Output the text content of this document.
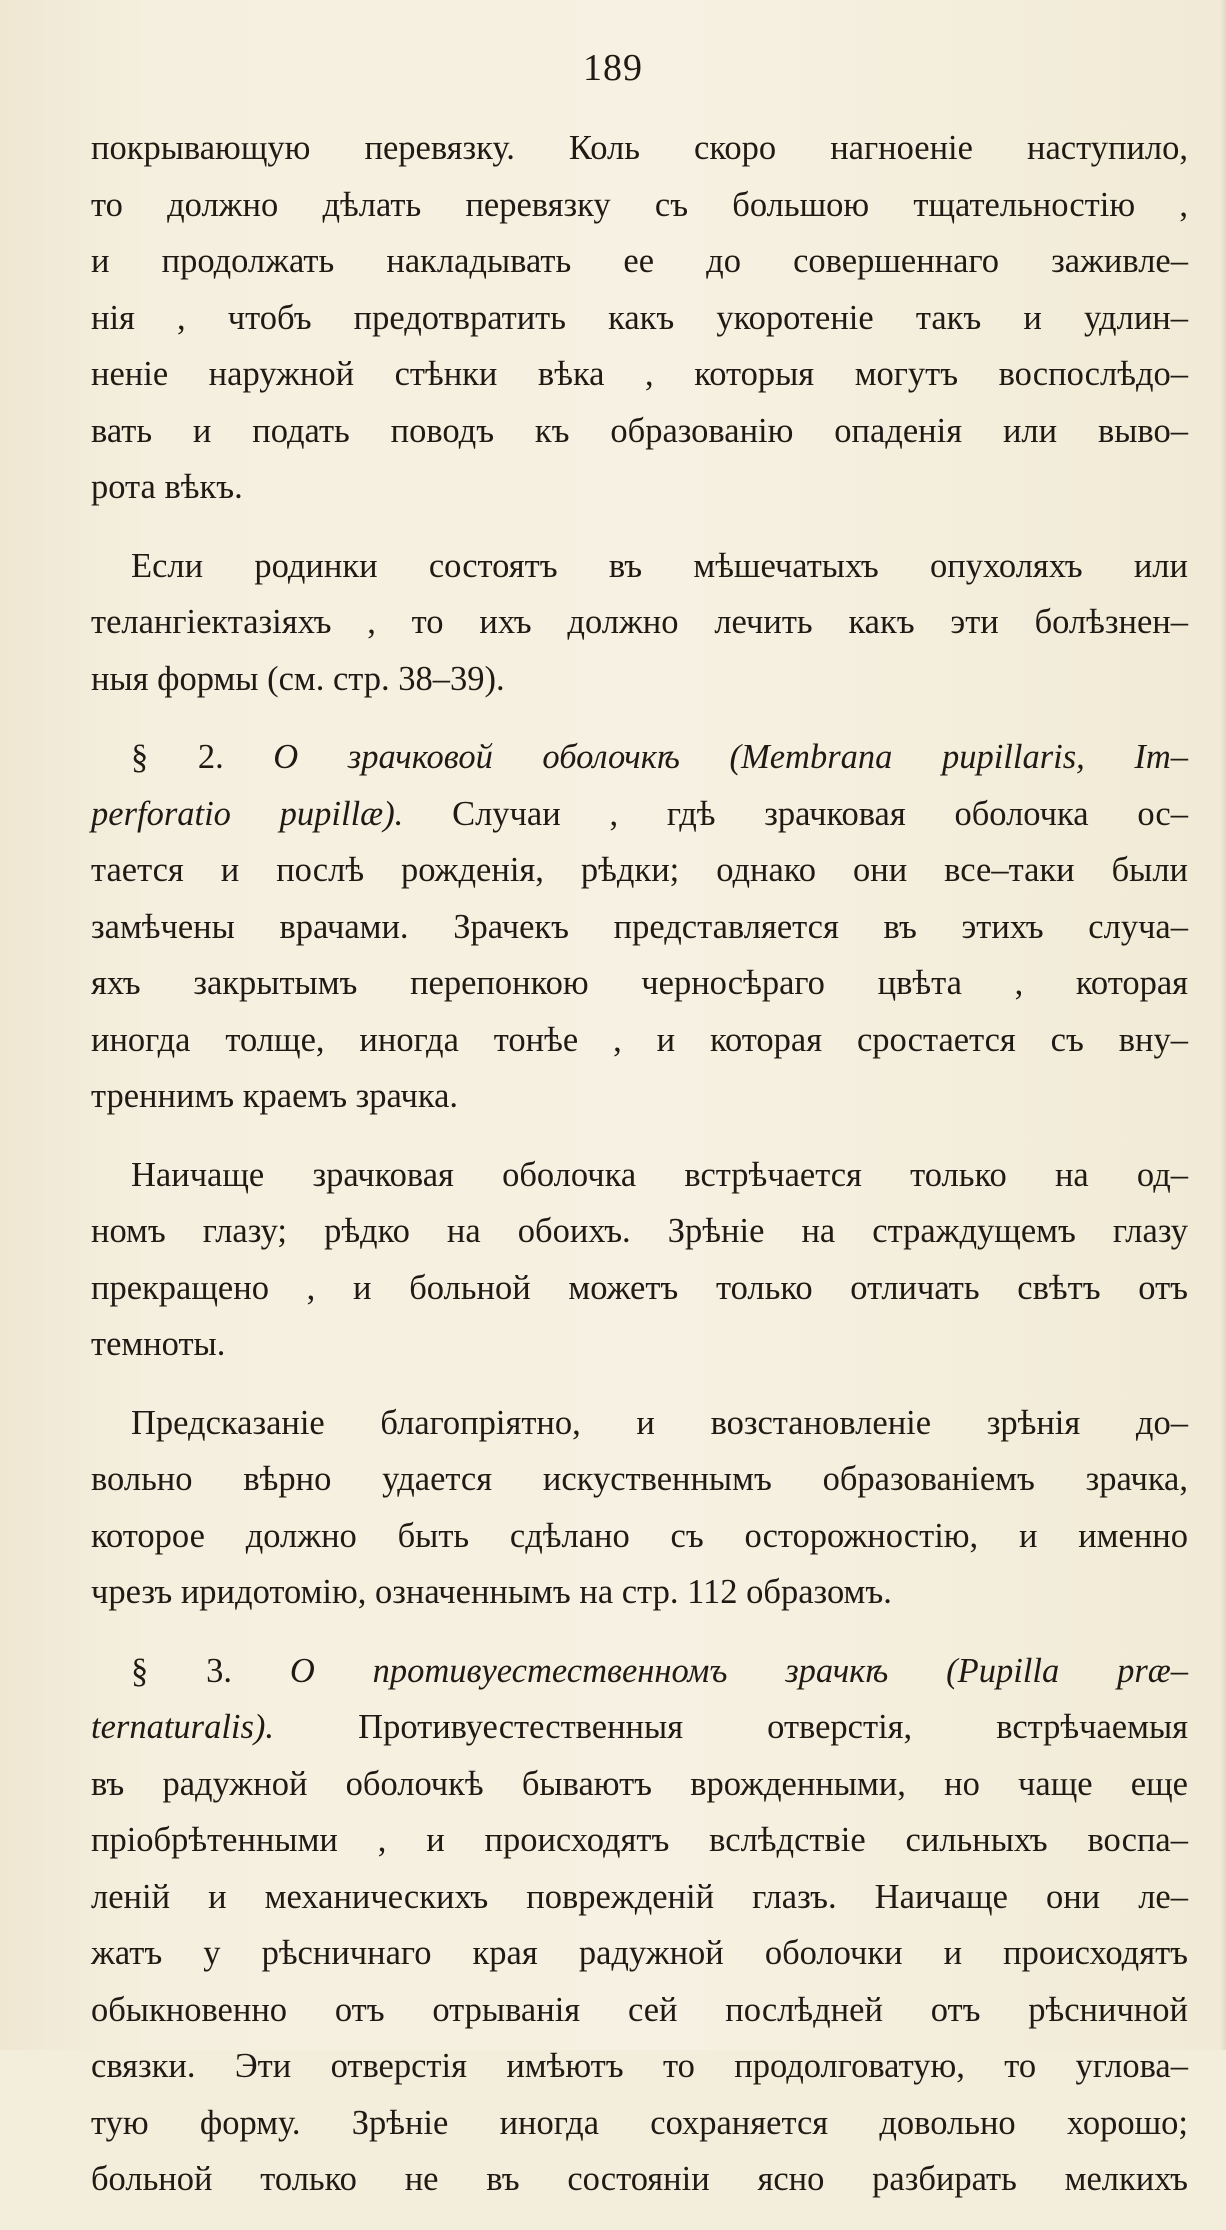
189

покрывающую перевязку. Коль скоро нагноеніе наступило,
то должно дѣлать перевязку съ большою тщательностію ,
и продолжать накладывать ее до совершеннаго заживле–
нія , чтобъ предотвратить какъ укоротеніе такъ и удлин–
неніе наружной стѣнки вѣка , которыя могутъ воспослѣдо–
вать и подать поводъ къ образованію опаденія или выво–
рота вѣкъ.

Если родинки состоятъ въ мѣшечатыхъ опухоляхъ или
телангіектазіяхъ , то ихъ должно лечить какъ эти болѣзнен–
ныя формы (см. стр. 38–39).

§ 2. О зрачковой оболочкѣ (Membrana pupillaris, Im–
perforatio pupillæ). Случаи , гдѣ зрачковая оболочка ос–
тается и послѣ рожденія, рѣдки; однако они все–таки были
замѣчены врачами. Зрачекъ представляется въ этихъ случа–
яхъ закрытымъ перепонкою черносѣраго цвѣта , которая
иногда толще, иногда тонѣе , и которая сростается съ вну–
треннимъ краемъ зрачка.

Наичаще зрачковая оболочка встрѣчается только на од–
номъ глазу; рѣдко на обоихъ. Зрѣніе на страждущемъ глазу
прекращено , и больной можетъ только отличать свѣтъ отъ
темноты.

Предсказаніе благопріятно, и возстановленіе зрѣнія до–
вольно вѣрно удается искуственнымъ образованіемъ зрачка,
которое должно быть сдѣлано съ осторожностію, и именно
чрезъ иридотомію, означеннымъ на стр. 112 образомъ.

§ 3. О противуестественномъ зрачкѣ (Pupilla præ–
ternaturalis). Противуестественныя отверстія, встрѣчаемыя
въ радужной оболочкѣ бываютъ врожденными, но чаще еще
пріобрѣтенными , и происходятъ вслѣдствіе сильныхъ воспа–
леній и механическихъ поврежденій глазъ. Наичаще они ле–
жатъ у рѣсничнаго края радужной оболочки и происходятъ
обыкновенно отъ отрыванія сей послѣдней отъ рѣсничной
связки. Эти отверстія имѣютъ то продолговатую, то углова–
тую форму. Зрѣніе иногда сохраняется довольно хорошо;
больной только не въ состояніи ясно разбирать мелкихъ
